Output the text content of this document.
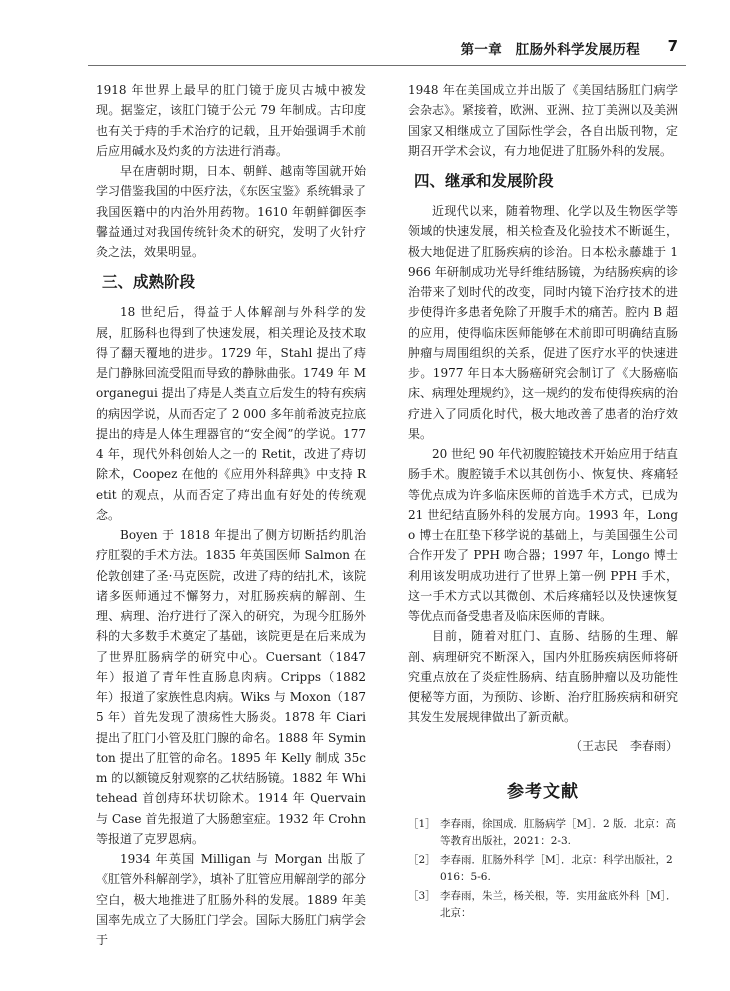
第一章　肛肠外科学发展历程 7

1918 年世界上最早的肛门镜于庞贝古城中被发现。据鉴定，该肛门镜于公元 79 年制成。古印度也有关于痔的手术治疗的记载，且开始强调手术前后应用碱水及灼炙的方法进行消毒。

早在唐朝时期，日本、朝鲜、越南等国就开始学习借鉴我国的中医疗法，《东医宝鉴》系统辑录了我国医籍中的内治外用药物。1610 年朝鲜御医李馨益通过对我国传统针灸术的研究，发明了火针疗灸之法，效果明显。

三、成熟阶段

18 世纪后，得益于人体解剖与外科学的发展，肛肠科也得到了快速发展，相关理论及技术取得了翻天覆地的进步。1729 年，Stahl 提出了痔是门静脉回流受阻而导致的静脉曲张。1749 年 Morganegui 提出了痔是人类直立后发生的特有疾病的病因学说，从而否定了 2 000 多年前希波克拉底提出的痔是人体生理器官的“安全阀”的学说。1774 年，现代外科创始人之一的 Retit，改进了痔切除术，Coopez 在他的《应用外科辞典》中支持 Retit 的观点，从而否定了痔出血有好处的传统观念。

Boyen 于 1818 年提出了侧方切断括约肌治疗肛裂的手术方法。1835 年英国医师 Salmon 在伦敦创建了圣·马克医院，改进了痔的结扎术，该院诸多医师通过不懈努力，对肛肠疾病的解剖、生理、病理、治疗进行了深入的研究，为现今肛肠外科的大多数手术奠定了基础，该院更是在后来成为了世界肛肠病学的研究中心。Cuersant（1847 年）报道了青年性直肠息肉病。Cripps（1882 年）报道了家族性息肉病。Wiks 与 Moxon（1875 年）首先发现了溃疡性大肠炎。1878 年 Ciari 提出了肛门小管及肛门腺的命名。1888 年 Syminton 提出了肛管的命名。1895 年 Kelly 制成 35cm 的以额镜反射观察的乙状结肠镜。1882 年 Whitehead 首创痔环状切除术。1914 年 Quervain 与 Case 首先报道了大肠憩室症。1932 年 Crohn 等报道了克罗恩病。

1934 年英国 Milligan 与 Morgan 出版了《肛管外科解剖学》，填补了肛管应用解剖学的部分空白，极大地推进了肛肠外科的发展。1889 年美国率先成立了大肠肛门学会。国际大肠肛门病学会于

1948 年在美国成立并出版了《美国结肠肛门病学会杂志》。紧接着，欧洲、亚洲、拉丁美洲以及美洲国家又相继成立了国际性学会，各自出版刊物，定期召开学术会议，有力地促进了肛肠外科的发展。

四、继承和发展阶段

近现代以来，随着物理、化学以及生物医学等领域的快速发展，相关检查及化验技术不断诞生，极大地促进了肛肠疾病的诊治。日本松永藤雄于 1966 年研制成功光导纤维结肠镜，为结肠疾病的诊治带来了划时代的改变，同时内镜下治疗技术的进步使得许多患者免除了开腹手术的痛苦。腔内 B 超的应用，使得临床医师能够在术前即可明确结直肠肿瘤与周围组织的关系，促进了医疗水平的快速进步。1977 年日本大肠癌研究会制订了《大肠癌临床、病理处理规约》，这一规约的发布使得疾病的治疗进入了同质化时代，极大地改善了患者的治疗效果。

20 世纪 90 年代初腹腔镜技术开始应用于结直肠手术。腹腔镜手术以其创伤小、恢复快、疼痛轻等优点成为许多临床医师的首选手术方式，已成为 21 世纪结直肠外科的发展方向。1993 年，Longo 博士在肛垫下移学说的基础上，与美国强生公司合作开发了 PPH 吻合器；1997 年，Longo 博士利用该发明成功进行了世界上第一例 PPH 手术，这一手术方式以其微创、术后疼痛轻以及快速恢复等优点而备受患者及临床医师的青睐。

目前，随着对肛门、直肠、结肠的生理、解剖、病理研究不断深入，国内外肛肠疾病医师将研究重点放在了炎症性肠病、结直肠肿瘤以及功能性便秘等方面，为预防、诊断、治疗肛肠疾病和研究其发生发展规律做出了新贡献。

（王志民　李春雨）
参考文献
［1］ 李春雨，徐国成．肛肠病学［M］．2 版．北京：高等教育出版社，2021：2-3.
［2］ 李春雨．肛肠外科学［M］．北京：科学出版社，2016：5-6.
［3］ 李春雨，朱兰，杨关根，等．实用盆底外科［M］．北京：
